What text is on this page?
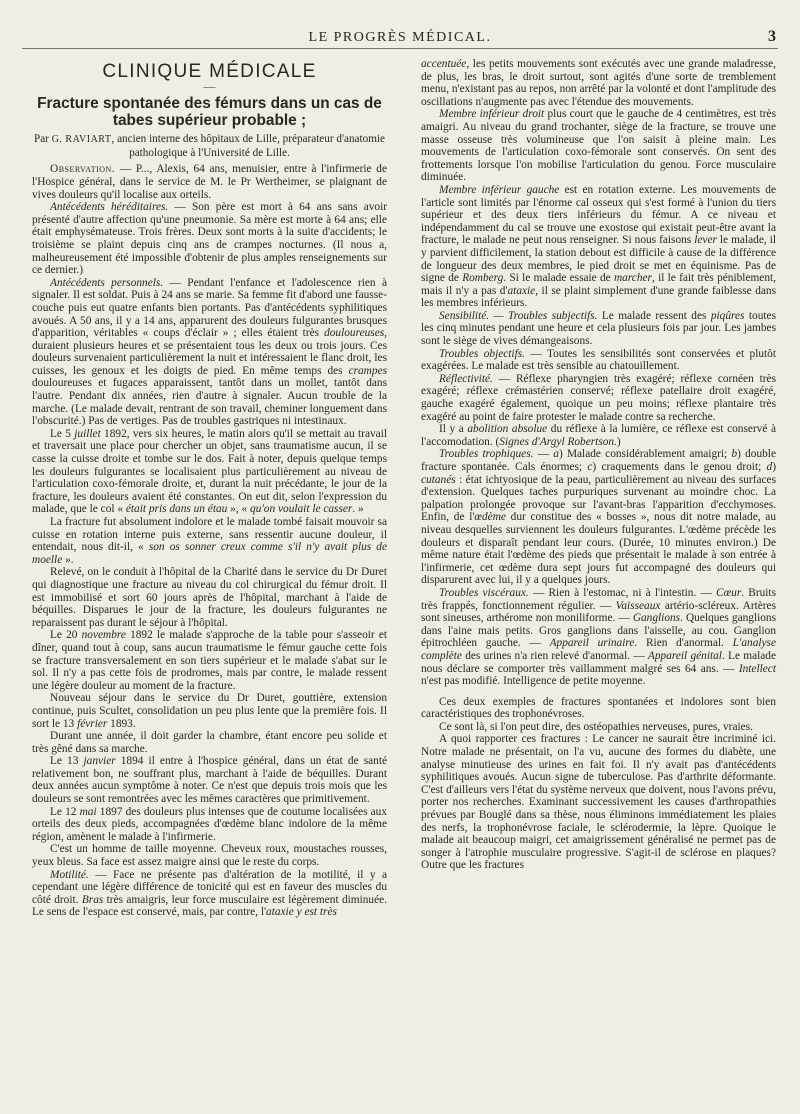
LE PROGRÈS MÉDICAL.	3
CLINIQUE MÉDICALE
—
Fracture spontanée des fémurs dans un cas de tabes supérieur probable ;
Par G. RAVIART, ancien interne des hôpitaux de Lille, préparateur d'anatomie pathologique à l'Université de Lille.

Observation. — P..., Alexis, 64 ans, menuisier, entre à l'infirmerie de l'Hospice général, dans le service de M. le Pr Wertheimer, se plaignant de vives douleurs qu'il localise aux orteils.

Antécédents héréditaires. — Son père est mort à 64 ans sans avoir présenté d'autre affection qu'une pneumonie. Sa mère est morte à 64 ans; elle était emphysémateuse. Trois frères. Deux sont morts à la suite d'accidents; le troisième se plaint depuis cinq ans de crampes nocturnes. (Il nous a, malheureusement été impossible d'obtenir de plus amples renseignements sur ce dernier.)

Antécédents personnels. — Pendant l'enfance et l'adolescence rien à signaler. Il est soldat. Puis à 24 ans se marie. Sa femme fit d'abord une fausse-couche puis eut quatre enfants bien portants. Pas d'antécédents syphilitiques avoués. A 50 ans, il y a 14 ans, apparurent des douleurs fulgurantes brusques d'apparition, véritables « coups d'éclair » ; elles étaient très douloureuses, duraient plusieurs heures et se présentaient tous les deux ou trois jours. Ces douleurs survenaient particulièrement la nuit et intéressaient le flanc droit, les cuisses, les genoux et les doigts de pied. En même temps des crampes douloureuses et fugaces apparaissent, tantôt dans un mollet, tantôt dans l'autre. Pendant dix années, rien d'autre à signaler. Aucun trouble de la marche. (Le malade devait, rentrant de son travail, cheminer longuement dans l'obscurité.) Pas de vertiges. Pas de troubles gastriques ni intestinaux.

Le 5 juillet 1892, vers six heures, le matin alors qu'il se mettait au travail et traversait une place pour chercher un objet, sans traumatisme aucun, il se casse la cuisse droite et tombe sur le dos. Fait à noter, depuis quelque temps les douleurs fulgurantes se localisaient plus particulièrement au niveau de l'articulation coxo-fémorale droite, et, durant la nuit précédante, le jour de la fracture, les douleurs avaient été constantes. On eut dit, selon l'expression du malade, que le col « était pris dans un étau », « qu'on voulait le casser. »

La fracture fut absolument indolore et le malade tombé faisait mouvoir sa cuisse en rotation interne puis externe, sans ressentir aucune douleur, il entendait, nous dit-il, « son os sonner creux comme s'il n'y avait plus de moelle ».

Relevé, on le conduit à l'hôpital de la Charité dans le service du Dr Duret qui diagnostique une fracture au niveau du col chirurgical du fémur droit. Il est immobilisé et sort 60 jours après de l'hôpital, marchant à l'aide de béquilles. Disparues le jour de la fracture, les douleurs fulgurantes ne reparaissent pas durant le séjour à l'hôpital.

Le 20 novembre 1892 le malade s'approche de la table pour s'asseoir et dîner, quand tout à coup, sans aucun traumatisme le fémur gauche cette fois se fracture transversalement en son tiers supérieur et le malade s'abat sur le sol. Il n'y a pas cette fois de prodromes, mais par contre, le malade ressent une légère douleur au moment de la fracture.

Nouveau séjour dans le service du Dr Duret, gouttière, extension continue, puis Scultet, consolidation un peu plus lente que la première fois. Il sort le 13 février 1893.

Durant une année, il doit garder la chambre, étant encore peu solide et très gêné dans sa marche.

Le 13 janvier 1894 il entre à l'hospice général, dans un état de santé relativement bon, ne souffrant plus, marchant à l'aide de béquilles. Durant deux années aucun symptôme à noter. Ce n'est que depuis trois mois que les douleurs se sont remontrées avec les mêmes caractères que primitivement.

Le 12 mai 1897 des douleurs plus intenses que de coutume localisées aux orteils des deux pieds, accompagnées d'œdème blanc indolore de la même région, amènent le malade à l'infirmerie.

C'est un homme de taille moyenne. Cheveux roux, moustaches rousses, yeux bleus. Sa face est assez maigre ainsi que le reste du corps.

Motilité. — Face ne présente pas d'altération de la motilité, il y a cependant une légère différence de tonicité qui est en faveur des muscles du côté droit. Bras très amaigris, leur force musculaire est légèrement diminuée. Le sens de l'espace est conservé, mais, par contre, l'ataxie y est très

accentuée, les petits mouvements sont exécutés avec une grande maladresse, de plus, les bras, le droit surtout, sont agités d'une sorte de tremblement menu, n'existant pas au repos, non arrêté par la volonté et dont l'amplitude des oscillations n'augmente pas avec l'étendue des mouvements.

Membre inférieur droit plus court que le gauche de 4 centimètres, est très amaigri. Au niveau du grand trochanter, siège de la fracture, se trouve une masse osseuse très volumineuse que l'on saisit à pleine main. Les mouvements de l'articulation coxo-fémorale sont conservés. On sent des frottements lorsque l'on mobilise l'articulation du genou. Force musculaire diminuée.

Membre inférieur gauche est en rotation externe. Les mouvements de l'article sont limités par l'énorme cal osseux qui s'est formé à l'union du tiers supérieur et des deux tiers inférieurs du fémur. A ce niveau et indépendamment du cal se trouve une exostose qui existait peut-être avant la fracture, le malade ne peut nous renseigner. Si nous faisons lever le malade, il y parvient difficilement, la station debout est difficile à cause de la différence de longueur des deux membres, le pied droit se met en équinisme. Pas de signe de Romberg. Si le malade essaie de marcher, il le fait très péniblement, mais il n'y a pas d'ataxie, il se plaint simplement d'une grande faiblesse dans les membres inférieurs.

Sensibilité. — Troubles subjectifs. Le malade ressent des piqûres toutes les cinq minutes pendant une heure et cela plusieurs fois par jour. Les jambes sont le siège de vives démangeaisons.

Troubles objectifs. — Toutes les sensibilités sont conservées et plutôt exagérées. Le malade est très sensible au chatouillement.

Réflectivité. — Réflexe pharyngien très exagéré; réflexe cornéen très exagéré; réflexe crémastérien conservé; réflexe patellaire droit exagéré, gauche exagéré également, quoique un peu moins; réflexe plantaire très exagéré au point de faire protester le malade contre sa recherche.

Il y a abolition absolue du réflexe à la lumière, ce réflexe est conservé à l'accomodation. (Signes d'Argyl Robertson.)

Troubles trophiques. — a) Malade considérablement amaigri; b) double fracture spontanée. Cals énormes; c) craquements dans le genou droit; d) cutanés : état ichtyosique de la peau, particulièrement au niveau des surfaces d'extension. Quelques taches purpuriques survenant au moindre choc. La palpation prolongée provoque sur l'avant-bras l'apparition d'ecchymoses. Enfin, de l'œdème dur constitue des « bosses », nous dit notre malade, au niveau desquelles surviennent les douleurs fulgurantes. L'œdème précède les douleurs et disparaît pendant leur cours. (Durée, 10 minutes environ.) De même nature était l'œdème des pieds que présentait le malade à son entrée à l'infirmerie, cet œdème dura sept jours fut accompagné des douleurs qui disparurent avec lui, il y a quelques jours.

Troubles viscéraux. — Rien à l'estomac, ni à l'intestin. — Cœur. Bruits très frappés, fonctionnement régulier. — Vaisseaux artério-scléreux. Artères sont sineuses, arthérome non moniliforme. — Ganglions. Quelques ganglions dans l'aine mais petits. Gros ganglions dans l'aisselle, au cou. Ganglion épitrochléen gauche. — Appareil urinaire. Rien d'anormal. L'analyse complète des urines n'a rien relevé d'anormal. — Appareil génital. Le malade nous déclare se comporter très vaillamment malgré ses 64 ans. — Intellect n'est pas modifié. Intelligence de petite moyenne.

Ces deux exemples de fractures spontanées et indolores sont bien caractéristiques des trophonévroses.

Ce sont là, si l'on peut dire, des ostéopathies nerveuses, pures, vraies.

A quoi rapporter ces fractures : Le cancer ne saurait être incriminé ici. Notre malade ne présentait, on l'a vu, aucune des formes du diabète, une analyse minutieuse des urines en fait foi. Il n'y avait pas d'antécédents syphilitiques avoués. Aucun signe de tuberculose. Pas d'arthrite déformante. C'est d'ailleurs vers l'état du système nerveux que doivent, nous l'avons prévu, porter nos recherches. Examinant successivement les causes d'arthropathies prévues par Bouglé dans sa thèse, nous éliminons immédiatement les plaies des nerfs, la trophonévrose faciale, le sclérodermie, la lèpre. Quoique le malade ait beaucoup maigri, cet amaigrissement généralisé ne permet pas de songer à l'atrophie musculaire progressive. S'agit-il de sclérose en plaques? Outre que les fractures
